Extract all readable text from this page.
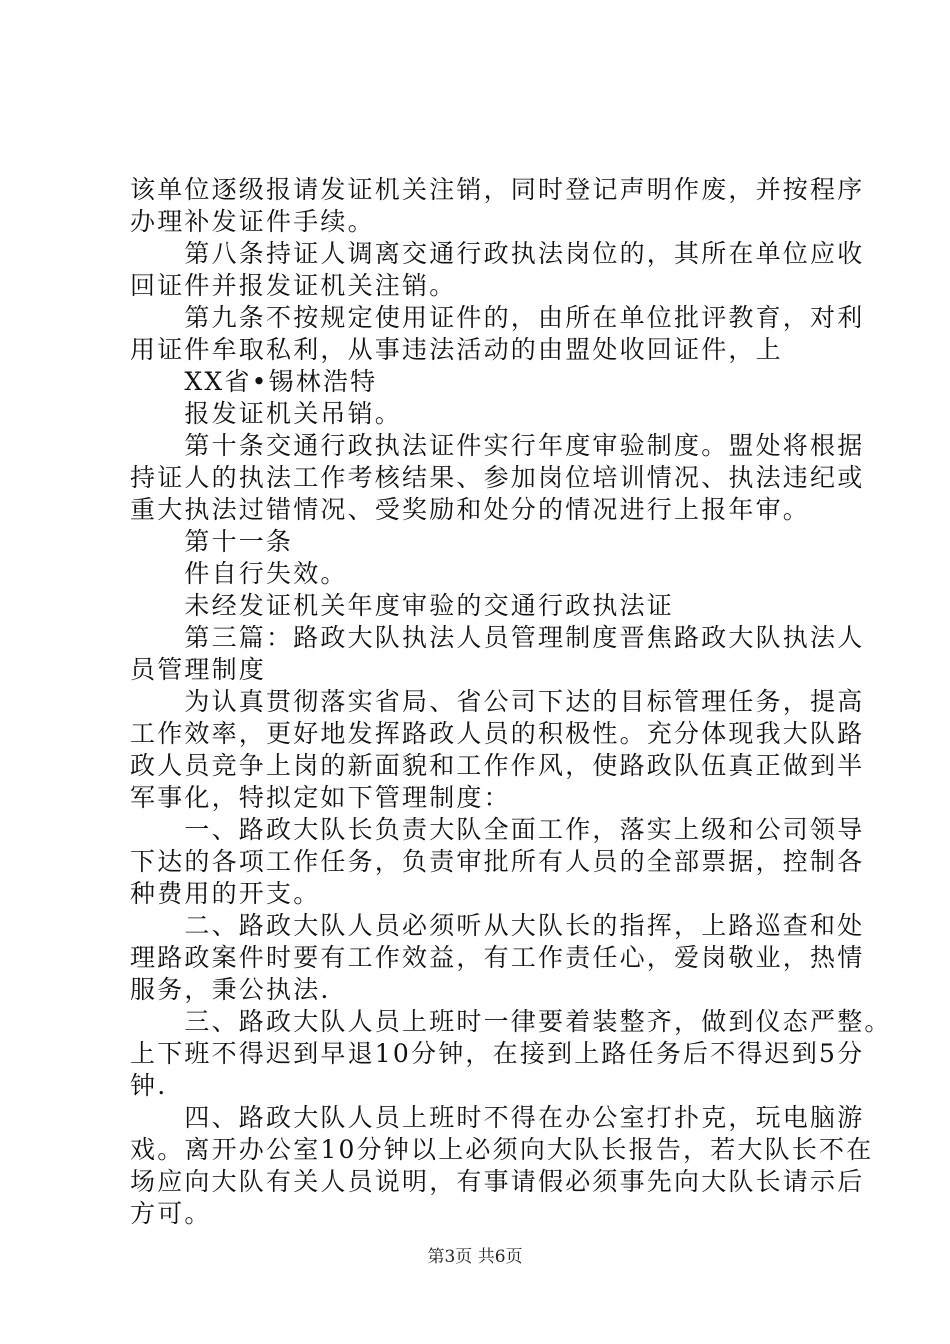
该单位逐级报请发证机关注销，同时登记声明作废，并按程序
办理补发证件手续。
　　第八条持证人调离交通行政执法岗位的，其所在单位应收
回证件并报发证机关注销。
　　第九条不按规定使用证件的，由所在单位批评教育，对利
用证件牟取私利，从事违法活动的由盟处收回证件，上
　　XX省•锡林浩特
　　报发证机关吊销。
　　第十条交通行政执法证件实行年度审验制度。盟处将根据
持证人的执法工作考核结果、参加岗位培训情况、执法违纪或
重大执法过错情况、受奖励和处分的情况进行上报年审。
　　第十一条
　　件自行失效。
　　未经发证机关年度审验的交通行政执法证
　　第三篇：路政大队执法人员管理制度晋焦路政大队执法人
员管理制度
　　为认真贯彻落实省局、省公司下达的目标管理任务，提高
工作效率，更好地发挥路政人员的积极性。充分体现我大队路
政人员竞争上岗的新面貌和工作作风，使路政队伍真正做到半
军事化，特拟定如下管理制度：
　　一、路政大队长负责大队全面工作，落实上级和公司领导
下达的各项工作任务，负责审批所有人员的全部票据，控制各
种费用的开支。
　　二、路政大队人员必须听从大队长的指挥，上路巡查和处
理路政案件时要有工作效益，有工作责任心，爱岗敬业，热情
服务，秉公执法.
　　三、路政大队人员上班时一律要着装整齐，做到仪态严整。
上下班不得迟到早退10分钟，在接到上路任务后不得迟到5分
钟.
　　四、路政大队人员上班时不得在办公室打扑克，玩电脑游
戏。离开办公室10分钟以上必须向大队长报告，若大队长不在
场应向大队有关人员说明，有事请假必须事先向大队长请示后
方可。
第3页 共6页
